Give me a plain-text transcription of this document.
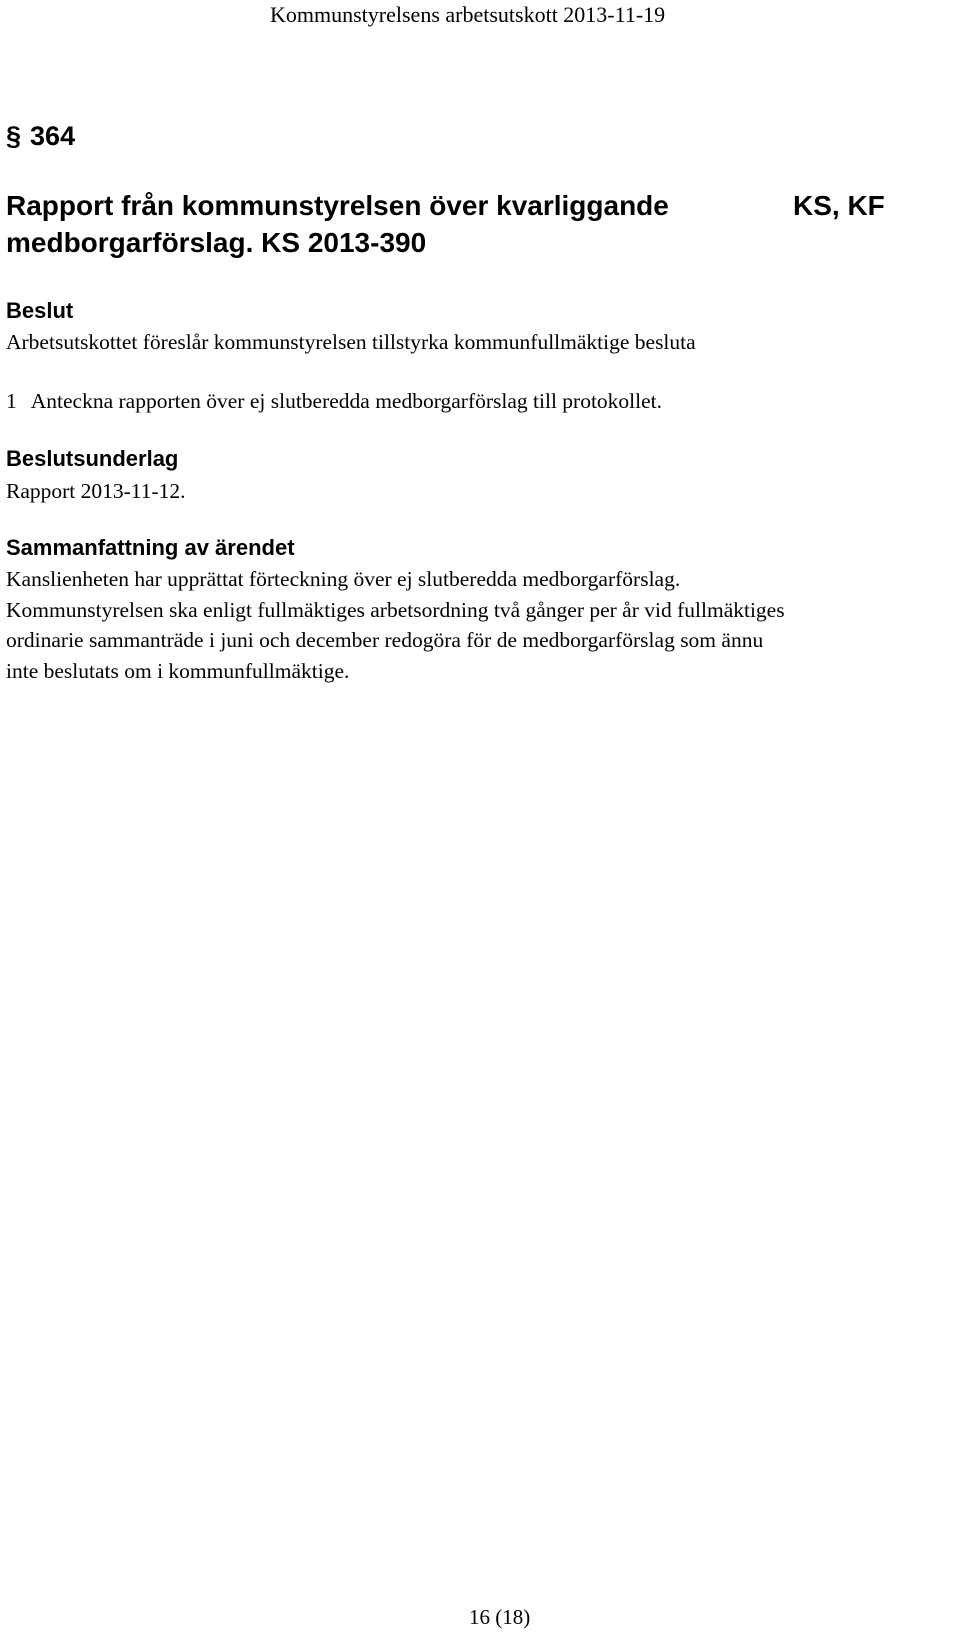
Kommunstyrelsens arbetsutskott 2013-11-19
§ 364
Rapport från kommunstyrelsen över kvarliggande
medborgarförslag. KS 2013-390
KS, KF
Beslut
Arbetsutskottet föreslår kommunstyrelsen tillstyrka kommunfullmäktige besluta
1 Anteckna rapporten över ej slutberedda medborgarförslag till protokollet.
Beslutsunderlag
Rapport 2013-11-12.
Sammanfattning av ärendet
Kanslienheten har upprättat förteckning över ej slutberedda medborgarförslag.
Kommunstyrelsen ska enligt fullmäktiges arbetsordning två gånger per år vid fullmäktiges
ordinarie sammanträde i juni och december redogöra för de medborgarförslag som ännu
inte beslutats om i kommunfullmäktige.
16 (18)
